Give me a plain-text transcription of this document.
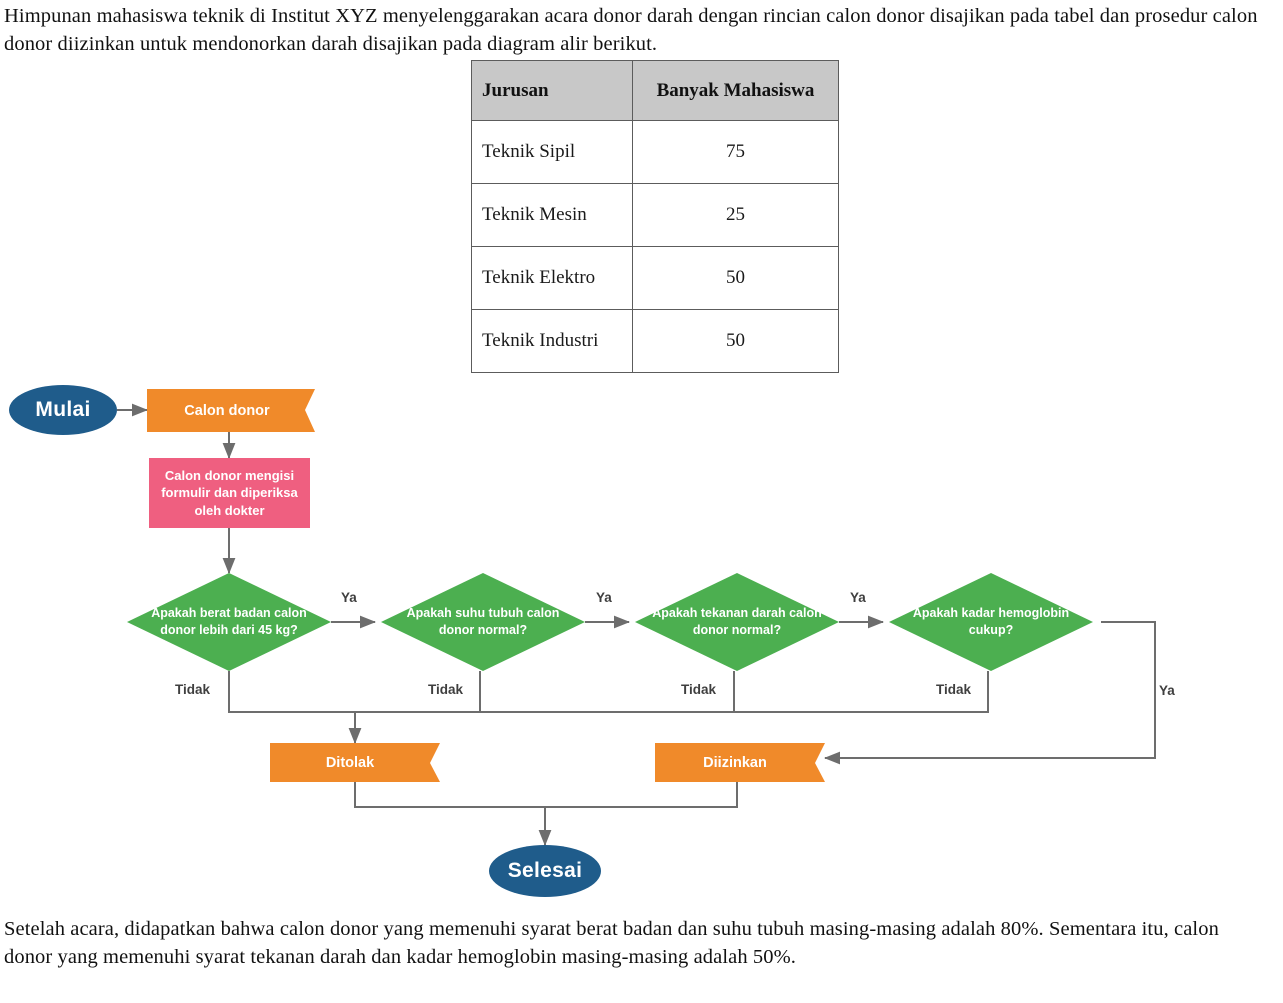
Himpunan mahasiswa teknik di Institut XYZ menyelenggarakan acara donor darah dengan rincian calon donor disajikan pada tabel dan prosedur calon donor diizinkan untuk mendonorkan darah disajikan pada diagram alir berikut.
Jurusan	Banyak Mahasiswa
Teknik Sipil	75
Teknik Mesin	25
Teknik Elektro	50
Teknik Industri	50
Mulai
Selesai
Calon donor
Ditolak	Diizinkan
Calon donor mengisi formulir dan diperiksa oleh dokter
Apakah berat badan calon donor lebih dari 45 kg?
Apakah suhu tubuh calon donor normal?
Apakah tekanan darah calon donor normal?
Apakah kadar hemoglobin cukup?
Ya	Ya	Ya
Ya
Tidak	Tidak	Tidak	Tidak
Setelah acara, didapatkan bahwa calon donor yang memenuhi syarat berat badan dan suhu tubuh masing-masing adalah 80%. Sementara itu, calon donor yang memenuhi syarat tekanan darah dan kadar hemoglobin masing-masing adalah 50%.
